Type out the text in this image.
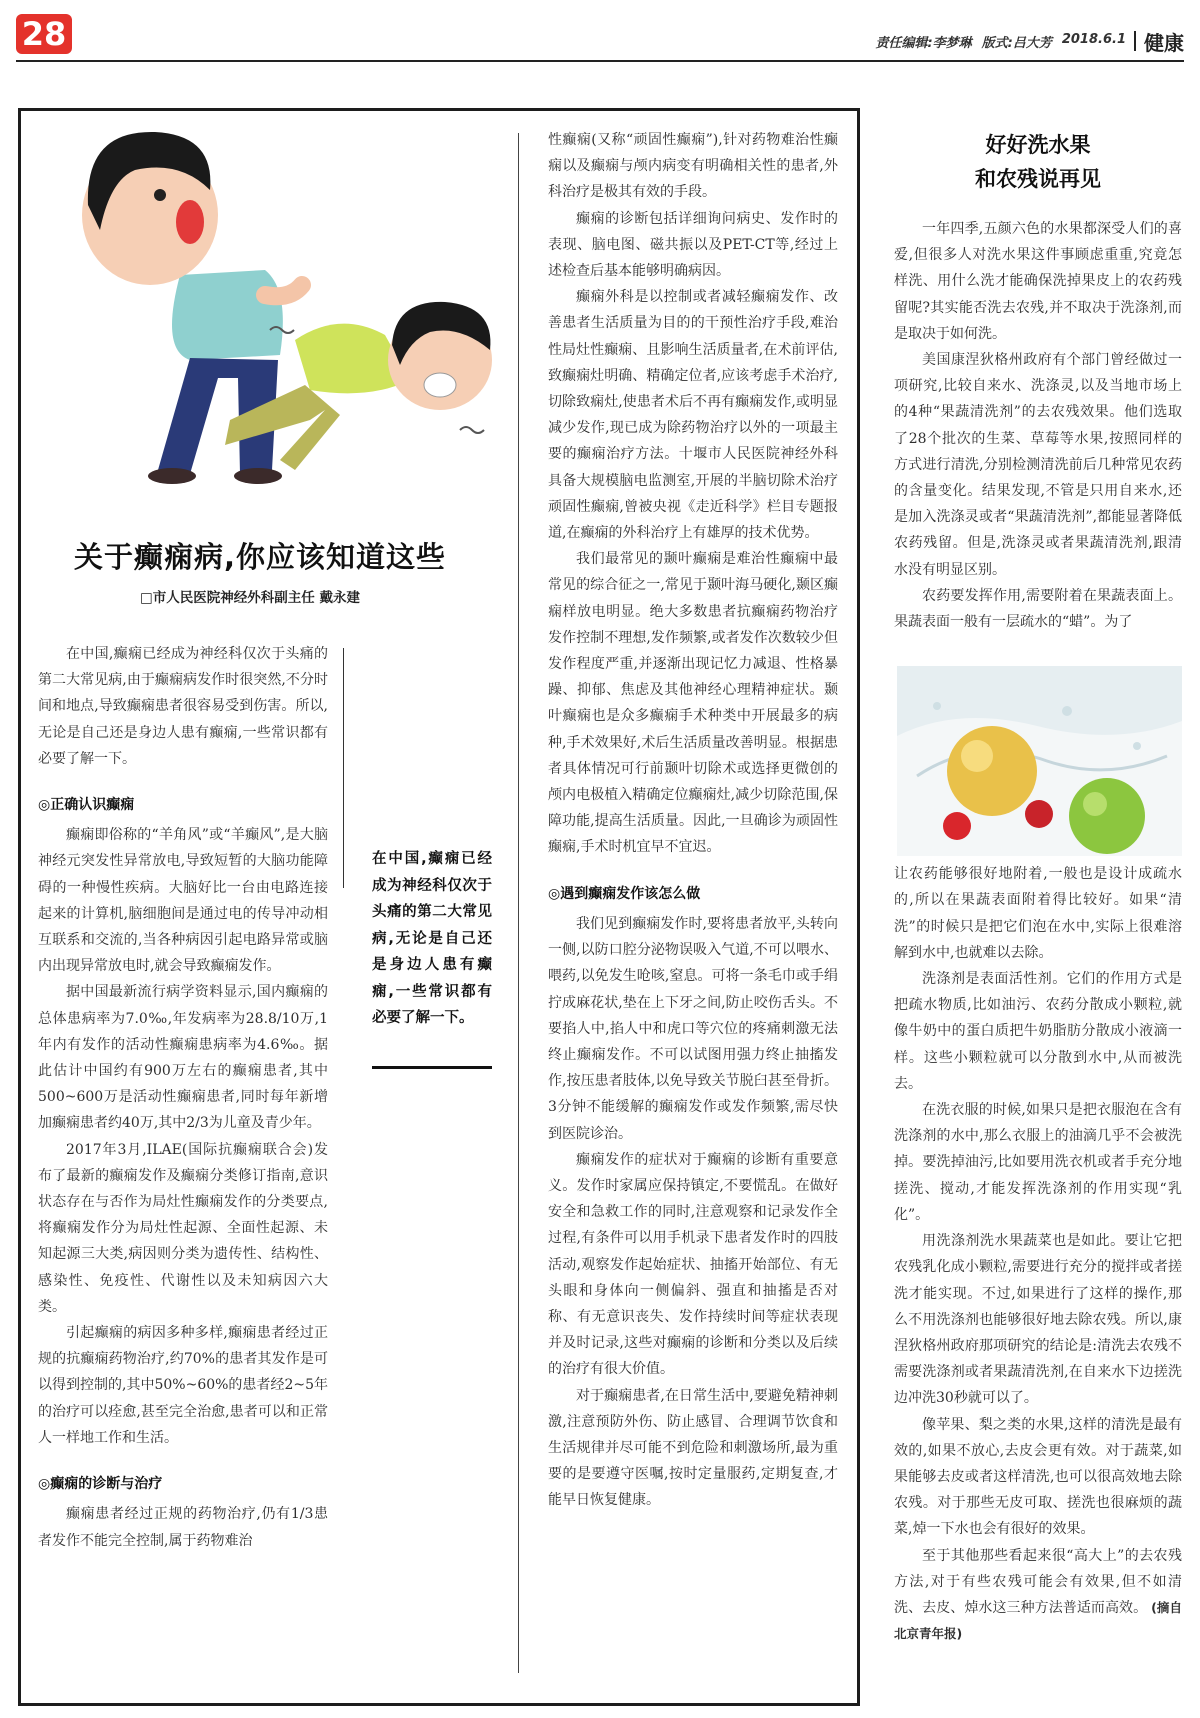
28	责任编辑:李梦琳 版式:吕大芳 2018.6.1 健康
关于癫痫病,你应该知道这些
□市人民医院神经外科副主任 戴永建

在中国,癫痫已经成为神经科仅次于头痛的第二大常见病,由于癫痫病发作时很突然,不分时间和地点,导致癫痫患者很容易受到伤害。所以,无论是自己还是身边人患有癫痫,一些常识都有必要了解一下。

◎正确认识癫痫

癫痫即俗称的“羊角风”或“羊癫风”,是大脑神经元突发性异常放电,导致短暂的大脑功能障碍的一种慢性疾病。大脑好比一台由电路连接起来的计算机,脑细胞间是通过电的传导冲动相互联系和交流的,当各种病因引起电路异常或脑内出现异常放电时,就会导致癫痫发作。

据中国最新流行病学资料显示,国内癫痫的总体患病率为7.0‰,年发病率为28.8/10万,1年内有发作的活动性癫痫患病率为4.6‰。据此估计中国约有900万左右的癫痫患者,其中500~600万是活动性癫痫患者,同时每年新增加癫痫患者约40万,其中2/3为儿童及青少年。

2017年3月,ILAE(国际抗癫痫联合会)发布了最新的癫痫发作及癫痫分类修订指南,意识状态存在与否作为局灶性癫痫发作的分类要点,将癫痫发作分为局灶性起源、全面性起源、未知起源三大类,病因则分类为遗传性、结构性、感染性、免疫性、代谢性以及未知病因六大类。

引起癫痫的病因多种多样,癫痫患者经过正规的抗癫痫药物治疗,约70%的患者其发作是可以得到控制的,其中50%~60%的患者经2~5年的治疗可以痊愈,甚至完全治愈,患者可以和正常人一样地工作和生活。

◎癫痫的诊断与治疗

癫痫患者经过正规的药物治疗,仍有1/3患者发作不能完全控制,属于药物难治

在中国,癫痫已经成为神经科仅次于头痛的第二大常见病,无论是自己还是身边人患有癫痫,一些常识都有必要了解一下。

性癫痫(又称“顽固性癫痫”),针对药物难治性癫痫以及癫痫与颅内病变有明确相关性的患者,外科治疗是极其有效的手段。

癫痫的诊断包括详细询问病史、发作时的表现、脑电图、磁共振以及PET-CT等,经过上述检查后基本能够明确病因。

癫痫外科是以控制或者减轻癫痫发作、改善患者生活质量为目的的干预性治疗手段,难治性局灶性癫痫、且影响生活质量者,在术前评估,致癫痫灶明确、精确定位者,应该考虑手术治疗,切除致痫灶,使患者术后不再有癫痫发作,或明显减少发作,现已成为除药物治疗以外的一项最主要的癫痫治疗方法。十堰市人民医院神经外科具备大规模脑电监测室,开展的半脑切除术治疗顽固性癫痫,曾被央视《走近科学》栏目专题报道,在癫痫的外科治疗上有雄厚的技术优势。

我们最常见的颞叶癫痫是难治性癫痫中最常见的综合征之一,常见于颞叶海马硬化,颞区癫痫样放电明显。绝大多数患者抗癫痫药物治疗发作控制不理想,发作频繁,或者发作次数较少但发作程度严重,并逐渐出现记忆力减退、性格暴躁、抑郁、焦虑及其他神经心理精神症状。颞叶癫痫也是众多癫痫手术种类中开展最多的病种,手术效果好,术后生活质量改善明显。根据患者具体情况可行前颞叶切除术或选择更微创的颅内电极植入精确定位癫痫灶,减少切除范围,保障功能,提高生活质量。因此,一旦确诊为顽固性癫痫,手术时机宜早不宜迟。

◎遇到癫痫发作该怎么做

我们见到癫痫发作时,要将患者放平,头转向一侧,以防口腔分泌物误吸入气道,不可以喂水、喂药,以免发生呛咳,窒息。可将一条毛巾或手绢拧成麻花状,垫在上下牙之间,防止咬伤舌头。不要掐人中,掐人中和虎口等穴位的疼痛刺激无法终止癫痫发作。不可以试图用强力终止抽搐发作,按压患者肢体,以免导致关节脱臼甚至骨折。3分钟不能缓解的癫痫发作或发作频繁,需尽快到医院诊治。

癫痫发作的症状对于癫痫的诊断有重要意义。发作时家属应保持镇定,不要慌乱。在做好安全和急救工作的同时,注意观察和记录发作全过程,有条件可以用手机录下患者发作时的四肢活动,观察发作起始症状、抽搐开始部位、有无头眼和身体向一侧偏斜、强直和抽搐是否对称、有无意识丧失、发作持续时间等症状表现并及时记录,这些对癫痫的诊断和分类以及后续的治疗有很大价值。

对于癫痫患者,在日常生活中,要避免精神刺激,注意预防外伤、防止感冒、合理调节饮食和生活规律并尽可能不到危险和刺激场所,最为重要的是要遵守医嘱,按时定量服药,定期复查,才能早日恢复健康。

好好洗水果
和农残说再见

一年四季,五颜六色的水果都深受人们的喜爱,但很多人对洗水果这件事顾虑重重,究竟怎样洗、用什么洗才能确保洗掉果皮上的农药残留呢?其实能否洗去农残,并不取决于洗涤剂,而是取决于如何洗。

美国康涅狄格州政府有个部门曾经做过一项研究,比较自来水、洗涤灵,以及当地市场上的4种“果蔬清洗剂”的去农残效果。他们选取了28个批次的生菜、草莓等水果,按照同样的方式进行清洗,分别检测清洗前后几种常见农药的含量变化。结果发现,不管是只用自来水,还是加入洗涤灵或者“果蔬清洗剂”,都能显著降低农药残留。但是,洗涤灵或者果蔬清洗剂,跟清水没有明显区别。

农药要发挥作用,需要附着在果蔬表面上。果蔬表面一般有一层疏水的“蜡”。为了

让农药能够很好地附着,一般也是设计成疏水的,所以在果蔬表面附着得比较好。如果“清洗”的时候只是把它们泡在水中,实际上很难溶解到水中,也就难以去除。

洗涤剂是表面活性剂。它们的作用方式是把疏水物质,比如油污、农药分散成小颗粒,就像牛奶中的蛋白质把牛奶脂肪分散成小液滴一样。这些小颗粒就可以分散到水中,从而被洗去。

在洗衣服的时候,如果只是把衣服泡在含有洗涤剂的水中,那么衣服上的油滴几乎不会被洗掉。要洗掉油污,比如要用洗衣机或者手充分地搓洗、搅动,才能发挥洗涤剂的作用实现“乳化”。

用洗涤剂洗水果蔬菜也是如此。要让它把农残乳化成小颗粒,需要进行充分的搅拌或者搓洗才能实现。不过,如果进行了这样的操作,那么不用洗涤剂也能够很好地去除农残。所以,康涅狄格州政府那项研究的结论是:清洗去农残不需要洗涤剂或者果蔬清洗剂,在自来水下边搓洗边冲洗30秒就可以了。

像苹果、梨之类的水果,这样的清洗是最有效的,如果不放心,去皮会更有效。对于蔬菜,如果能够去皮或者这样清洗,也可以很高效地去除农残。对于那些无皮可取、搓洗也很麻烦的蔬菜,焯一下水也会有很好的效果。

至于其他那些看起来很“高大上”的去农残方法,对于有些农残可能会有效果,但不如清洗、去皮、焯水这三种方法普适而高效。 (摘自北京青年报)
